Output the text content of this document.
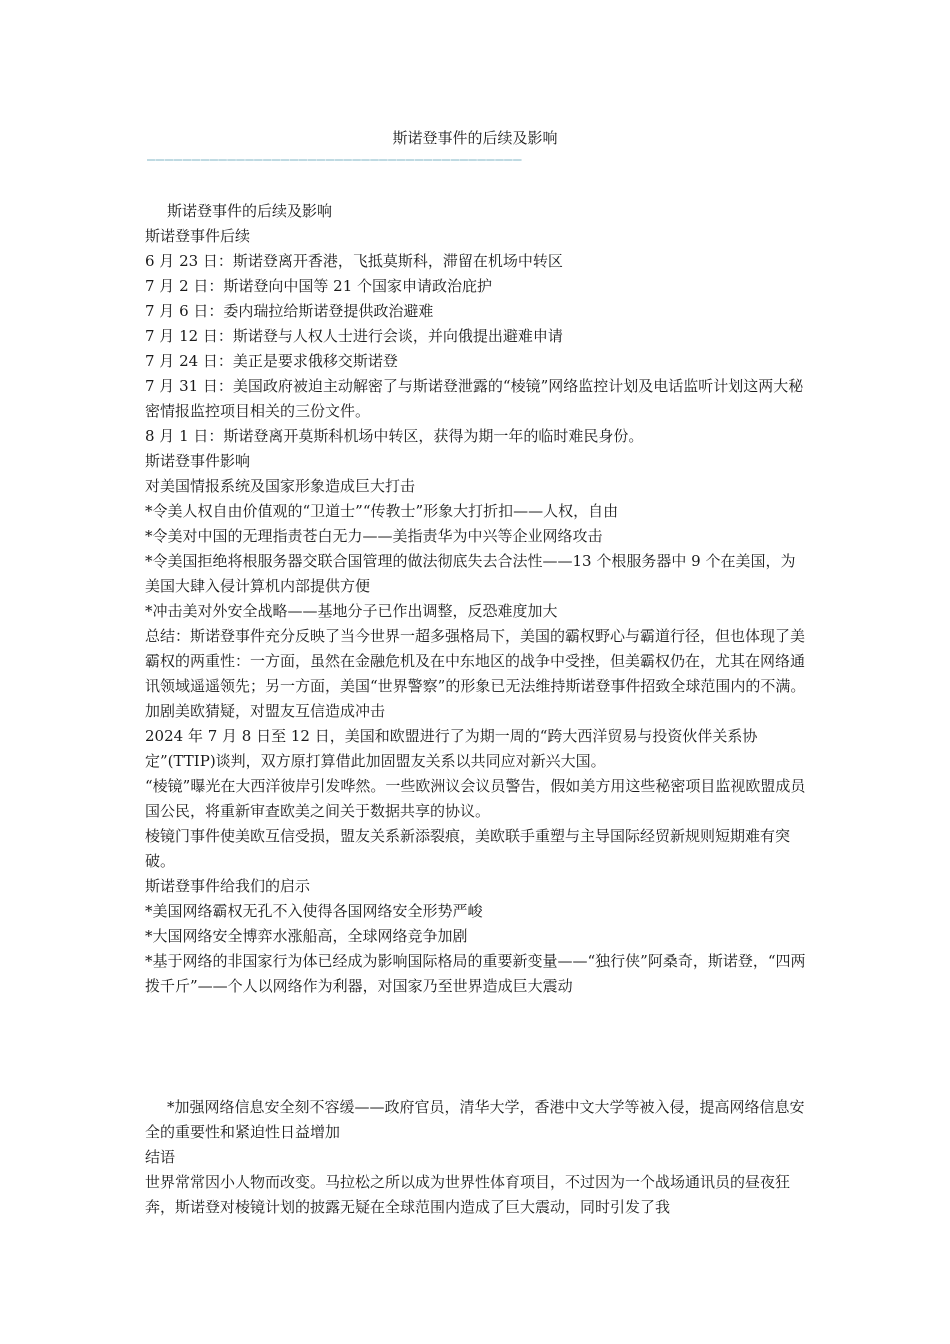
斯诺登事件的后续及影响
——————————————————————————————————————————

斯诺登事件的后续及影响

斯诺登事件后续

6 月 23 日：斯诺登离开香港，飞抵莫斯科，滞留在机场中转区

7 月 2 日：斯诺登向中国等 21 个国家申请政治庇护

7 月 6 日：委内瑞拉给斯诺登提供政治避难

7 月 12 日：斯诺登与人权人士进行会谈，并向俄提出避难申请

7 月 24 日：美正是要求俄移交斯诺登

7 月 31 日：美国政府被迫主动解密了与斯诺登泄露的“棱镜”网络监控计划及电话监听计划这两大秘密情报监控项目相关的三份文件。

8 月 1 日：斯诺登离开莫斯科机场中转区，获得为期一年的临时难民身份。

斯诺登事件影响

对美国情报系统及国家形象造成巨大打击

*令美人权自由价值观的“卫道士”“传教士”形象大打折扣——人权，自由

*令美对中国的无理指责苍白无力——美指责华为中兴等企业网络攻击

*令美国拒绝将根服务器交联合国管理的做法彻底失去合法性——13 个根服务器中 9 个在美国，为美国大肆入侵计算机内部提供方便

*冲击美对外安全战略——基地分子已作出调整，反恐难度加大

总结：斯诺登事件充分反映了当今世界一超多强格局下，美国的霸权野心与霸道行径，但也体现了美霸权的两重性：一方面，虽然在金融危机及在中东地区的战争中受挫，但美霸权仍在，尤其在网络通讯领域遥遥领先；另一方面，美国“世界警察”的形象已无法维持斯诺登事件招致全球范围内的不满。

加剧美欧猜疑，对盟友互信造成冲击

2024 年 7 月 8 日至 12 日，美国和欧盟进行了为期一周的“跨大西洋贸易与投资伙伴关系协定”(TTIP)谈判，双方原打算借此加固盟友关系以共同应对新兴大国。

“棱镜”曝光在大西洋彼岸引发哗然。一些欧洲议会议员警告，假如美方用这些秘密项目监视欧盟成员国公民，将重新审查欧美之间关于数据共享的协议。

棱镜门事件使美欧互信受损，盟友关系新添裂痕，美欧联手重塑与主导国际经贸新规则短期难有突破。

斯诺登事件给我们的启示

*美国网络霸权无孔不入使得各国网络安全形势严峻

*大国网络安全博弈水涨船高，全球网络竞争加剧

*基于网络的非国家行为体已经成为影响国际格局的重要新变量——“独行侠”阿桑奇，斯诺登，“四两拨千斤”——个人以网络作为利器，对国家乃至世界造成巨大震动

*加强网络信息安全刻不容缓——政府官员，清华大学，香港中文大学等被入侵，提高网络信息安全的重要性和紧迫性日益增加

结语

世界常常因小人物而改变。马拉松之所以成为世界性体育项目，不过因为一个战场通讯员的昼夜狂奔，斯诺登对棱镜计划的披露无疑在全球范围内造成了巨大震动，同时引发了我
